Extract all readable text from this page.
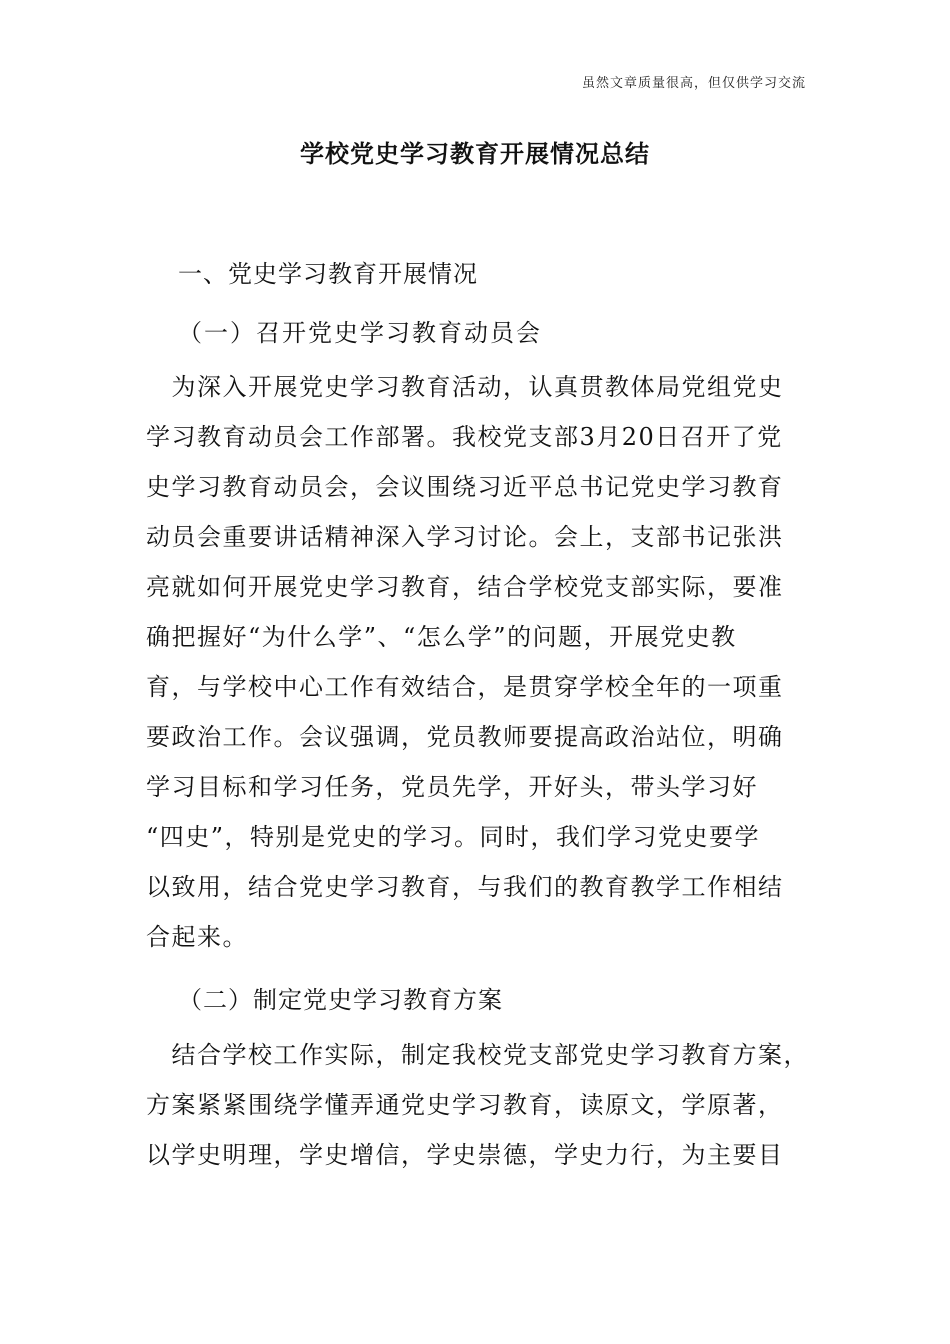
虽然文章质量很高，但仅供学习交流
学校党史学习教育开展情况总结
一、党史学习教育开展情况
（一）召开党史学习教育动员会
　为深入开展党史学习教育活动，认真贯教体局党组党史
学习教育动员会工作部署。我校党支部3月20日召开了党
史学习教育动员会，会议围绕习近平总书记党史学习教育
动员会重要讲话精神深入学习讨论。会上，支部书记张洪
亮就如何开展党史学习教育，结合学校党支部实际，要准
确把握好“为什么学”、“怎么学”的问题，开展党史教
育，与学校中心工作有效结合，是贯穿学校全年的一项重
要政治工作。会议强调，党员教师要提高政治站位，明确
学习目标和学习任务，党员先学，开好头，带头学习好
“四史”，特别是党史的学习。同时，我们学习党史要学
以致用，结合党史学习教育，与我们的教育教学工作相结
合起来。
（二）制定党史学习教育方案
　结合学校工作实际，制定我校党支部党史学习教育方案，
方案紧紧围绕学懂弄通党史学习教育，读原文，学原著，
以学史明理，学史增信，学史崇德，学史力行，为主要目
